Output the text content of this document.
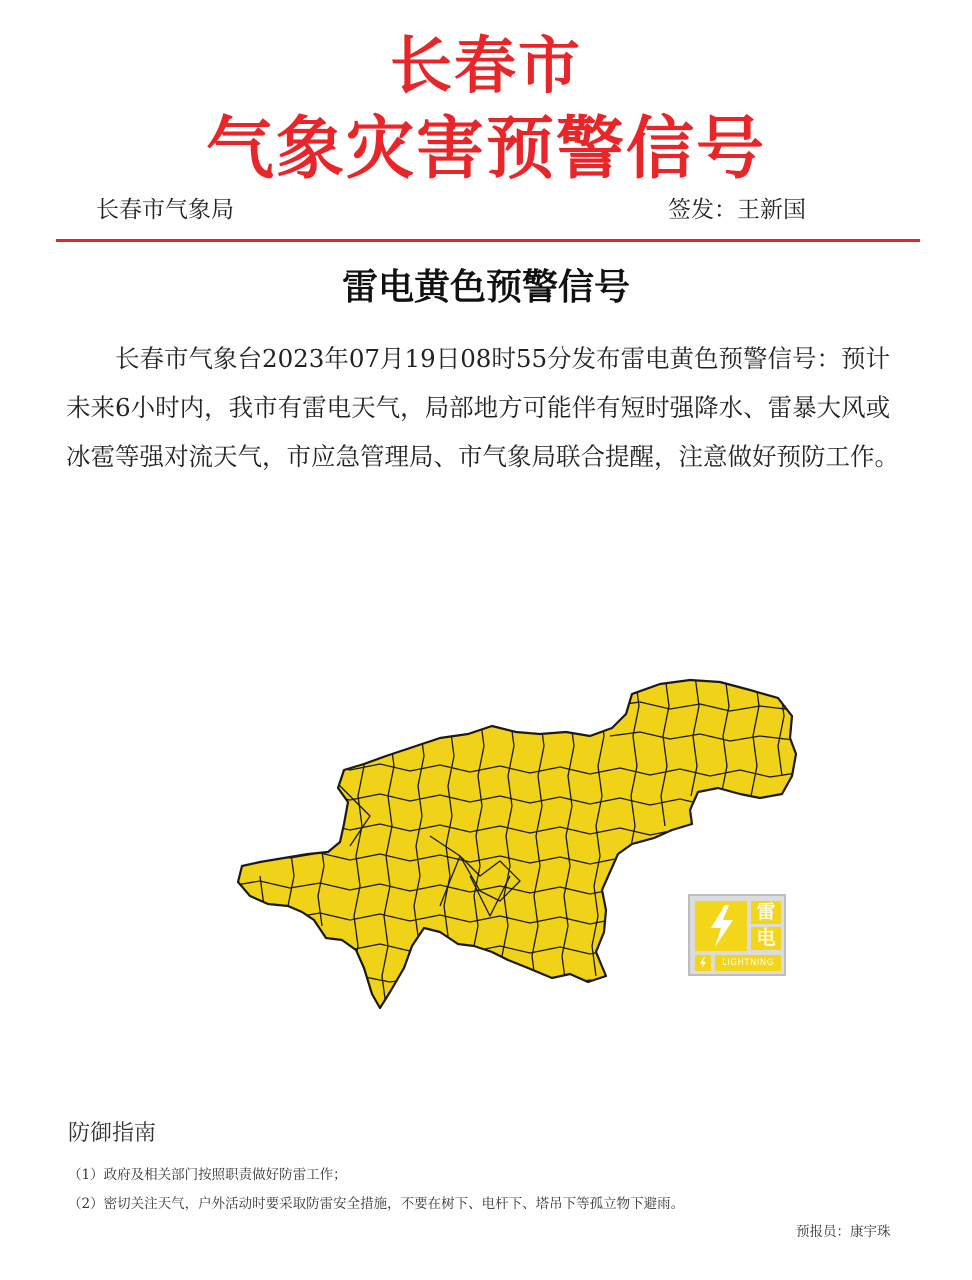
长春市
气象灾害预警信号
长春市气象局	签发：王新国
雷电黄色预警信号
长春市气象台2023年07月19日08时55分发布雷电黄色预警信号：预计未来6小时内，我市有雷电天气，局部地方可能伴有短时强降水、雷暴大风或冰雹等强对流天气，市应急管理局、市气象局联合提醒，注意做好预防工作。
雷
电
LIGHTNING
防御指南
（1）政府及相关部门按照职责做好防雷工作；
（2）密切关注天气，户外活动时要采取防雷安全措施，不要在树下、电杆下、塔吊下等孤立物下避雨。
预报员：康宇珠
